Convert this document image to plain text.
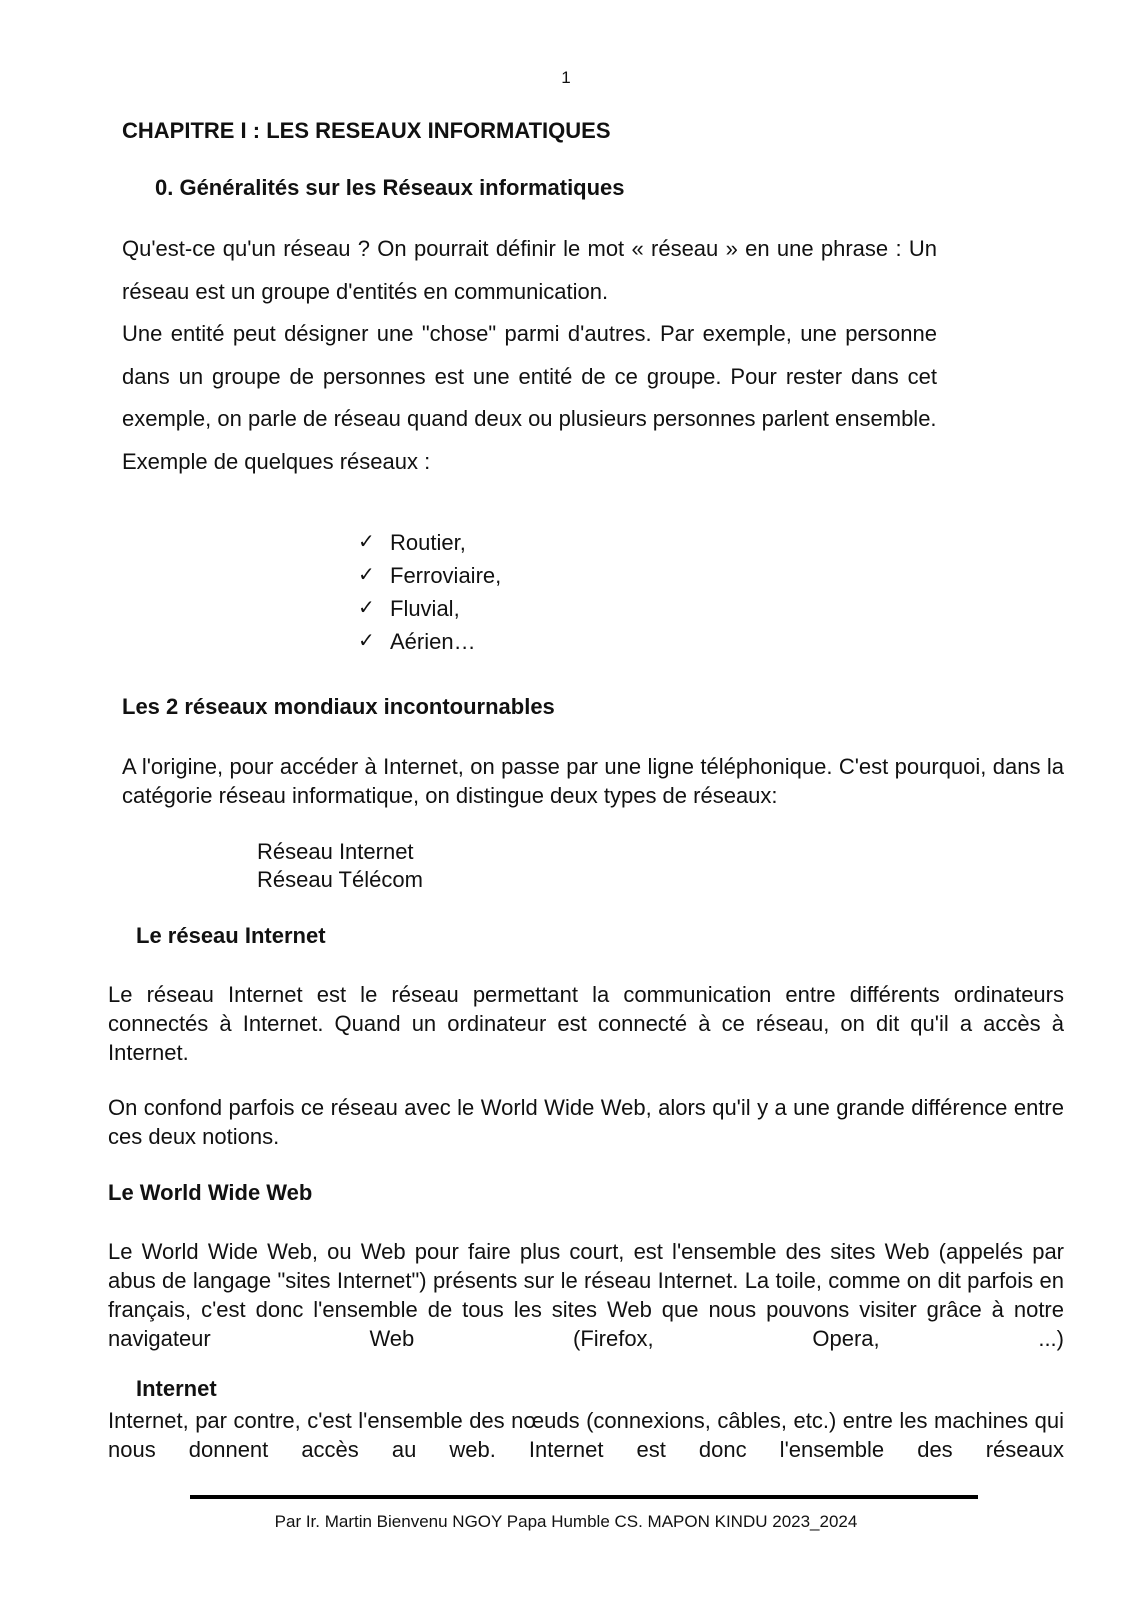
1
CHAPITRE I : LES RESEAUX INFORMATIQUES
0. Généralités sur les Réseaux informatiques

Qu'est-ce qu'un réseau ? On pourrait définir le mot « réseau » en une phrase : Un réseau est un groupe d'entités en communication.

Une entité peut désigner une "chose" parmi d'autres. Par exemple, une personne dans un groupe de personnes est une entité de ce groupe. Pour rester dans cet exemple, on parle de réseau quand deux ou plusieurs personnes parlent ensemble.

Exemple de quelques réseaux :

✓ Routier,
✓ Ferroviaire,
✓ Fluvial,
✓ Aérien…
Les 2 réseaux mondiaux incontournables

A l'origine, pour accéder à Internet, on passe par une ligne téléphonique. C'est pourquoi, dans la catégorie réseau informatique, on distingue deux types de réseaux:

Réseau Internet
Réseau Télécom
Le réseau Internet

Le réseau Internet est le réseau permettant la communication entre différents ordinateurs connectés à Internet. Quand un ordinateur est connecté à ce réseau, on dit qu'il a accès à Internet.

On confond parfois ce réseau avec le World Wide Web, alors qu'il y a une grande différence entre ces deux notions.

Le World Wide Web

Le World Wide Web, ou Web pour faire plus court, est l'ensemble des sites Web (appelés par abus de langage "sites Internet") présents sur le réseau Internet. La toile, comme on dit parfois en français, c'est donc l'ensemble de tous les sites Web que nous pouvons visiter grâce à notre navigateur Web (Firefox, Opera, ...)

Internet

Internet, par contre, c'est l'ensemble des nœuds (connexions, câbles, etc.) entre les machines qui nous donnent accès au web. Internet est donc l'ensemble des réseaux

Par Ir. Martin Bienvenu NGOY Papa Humble CS. MAPON KINDU 2023_2024
